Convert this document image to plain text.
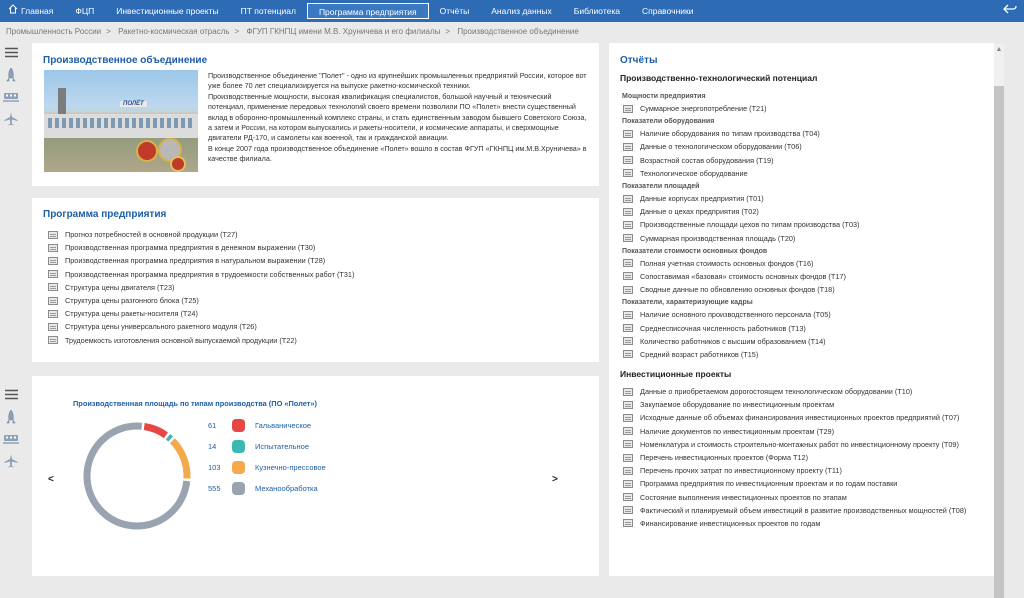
Главная	ФЦП	Инвестиционные проекты	ПТ потенциал	Программа предприятия	Отчёты	Анализ данных	Библиотека	Справочники
Промышленность России > Ракетно-космическая отрасль > ФГУП ГКНПЦ имени М.В. Хруничева и его филиалы > Производственное объединение
Производственное объединение
ПОЛЁТ
Производственное объединение "Полет" - одно из крупнейших промышленных предприятий России, которое вот уже более 70 лет специализируется на выпуске ракетно-космической техники.
Производственные мощности, высокая квалификация специалистов, большой научный и технический потенциал, применение передовых технологий своего времени позволили ПО «Полет» внести существенный вклад в оборонно-промышленный комплекс страны, и стать единственным заводом бывшего Советского Союза, а затем и России, на котором выпускались и ракеты-носители, и космические аппараты, и сверхмощные двигатели РД-170, и самолеты как военной, так и гражданской авиации.
В конце 2007 года производственное объединение «Полет» вошло в состав ФГУП «ГКНПЦ им.М.В.Хруничева» в качестве филиала.
Программа предприятия
Прогноз потребностей в основной продукции (Т27)
Производственная программа предприятия в денежном выражении (Т30)
Производственная программа предприятия в натуральном выражении (Т28)
Производственная программа предприятия в трудоемкости собственных работ (Т31)
Структура цены двигателя (Т23)
Структура цены разгонного блока (Т25)
Структура цены ракеты-носителя (Т24)
Структура цены универсального ракетного модуля (Т26)
Трудоемкость изготовления основной выпускаемой продукции (Т22)
Производственная площадь по типам производства (ПО «Полет»)
<	>
61	Гальваническое
14	Испытательное
103	Кузнечно-прессовое
555	Механообработка
Отчёты
Производственно-технологический потенциал
Мощности предприятия
Суммарное энергопотребление (Т21)
Показатели оборудования
Наличие оборудования по типам производства (Т04)
Данные о технологическом оборудовании (Т06)
Возрастной состав оборудования (Т19)
Технологическое оборудование
Показатели площадей
Данные корпусах предприятия (Т01)
Данные о цехах предприятия (Т02)
Производственные площади цехов по типам производства (Т03)
Суммарная производственная площадь (Т20)
Показатели стоимости основных фондов
Полная учетная стоимость основных фондов (Т16)
Сопоставимая «базовая» стоимость основных фондов (Т17)
Сводные данные по обновлению основных фондов (Т18)
Показатели, характеризующие кадры
Наличие основного производственного персонала (Т05)
Среднесписочная численность работников (Т13)
Количество работников с высшим образованием (Т14)
Средний возраст работников (Т15)
Инвестиционные проекты
Данные о приобретаемом дорогостоящем технологическом оборудовании (Т10)
Закупаемое оборудование по инвестиционным проектам
Исходные данные об объемах финансирования инвестиционных проектов предприятий (Т07)
Наличие документов по инвестиционным проектам (Т29)
Номенклатура и стоимость строительно-монтажных работ по инвестиционному проекту (Т09)
Перечень инвестиционных проектов (Форма Т12)
Перечень прочих затрат по инвестиционному проекту (Т11)
Программа предприятия по инвестиционным проектам и по годам поставки
Состояние выполнения инвестиционных проектов по этапам
Фактический и планируемый объем инвестиций в развитие производственных мощностей (Т08)
Финансирование инвестиционных проектов по годам
▲
